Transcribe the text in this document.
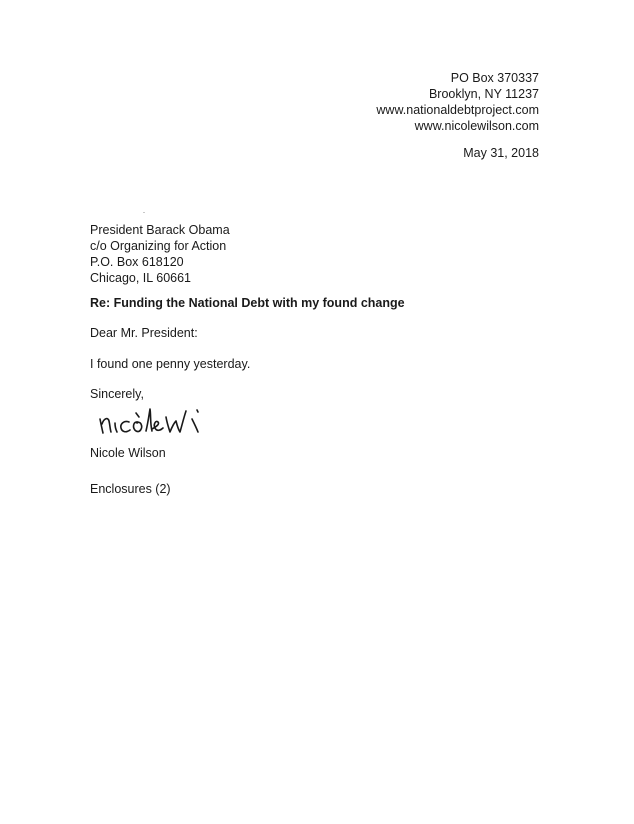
PO Box 370337
Brooklyn, NY 11237
www.nationaldebtproject.com
www.nicolewilson.com
May 31, 2018
President Barack Obama
c/o Organizing for Action
P.O. Box 618120
Chicago, IL 60661
Re: Funding the National Debt with my found change
Dear Mr. President:
I found one penny yesterday.
Sincerely,
Nicole Wilson
Enclosures (2)
